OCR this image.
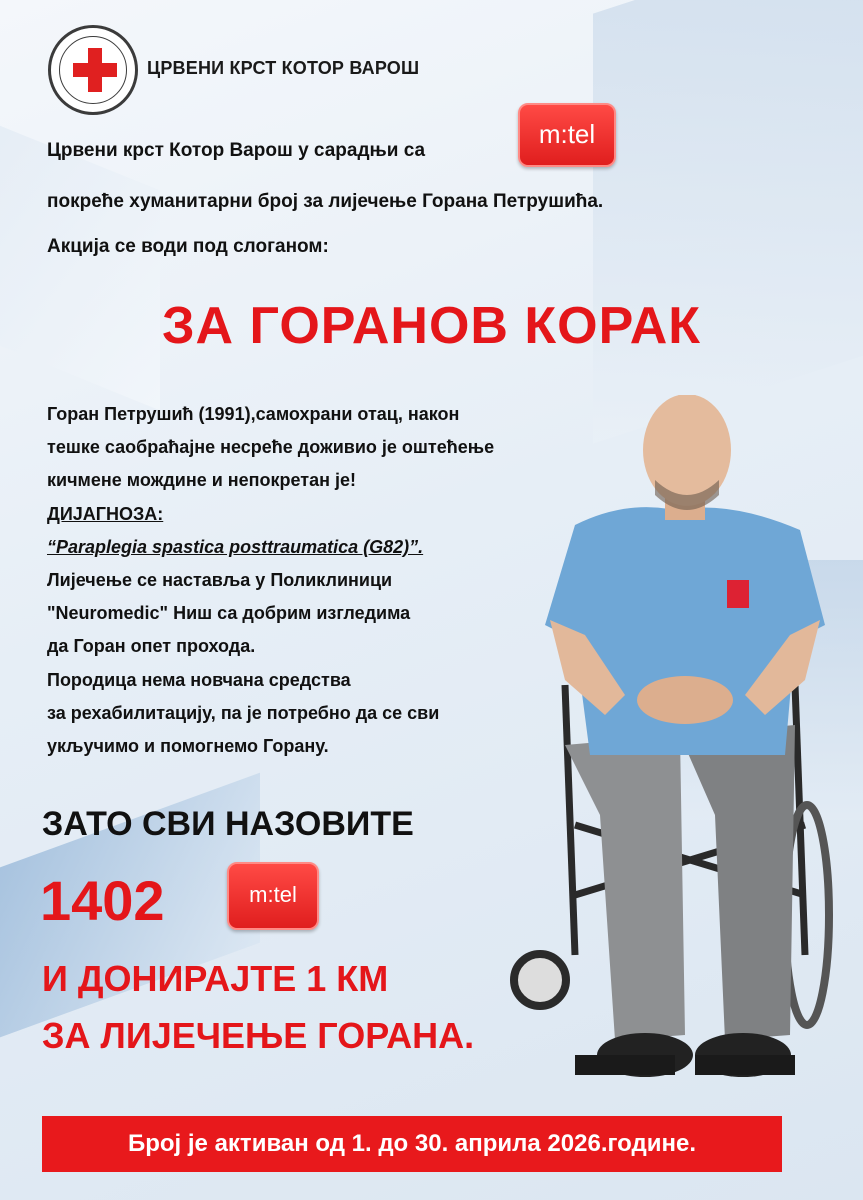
ЦРВЕНИ КРСТ КОТОР ВАРОШ
Црвени крст Котор Варош у сарадњи са
m:tel
покреће хуманитарни број за лијечење Горана Петрушића.
Акција се води под слоганом:
ЗА ГОРАНОВ КОРАК
Горан Петрушић (1991),самохрани отац, након
тешке саобраћајне несреће доживио је оштећење
кичмене мождине и непокретан је!
ДИЈАГНОЗА:
“Paraplegia spastica posttraumatica (G82)”.
Лијечење се наставља у Поликлиници
"Neuromedic" Ниш са добрим изгледима
да Горан опет прохода.
Породица нема новчана средства
за рехабилитацију, па је потребно да се сви
укључимо и помогнемо Горану.
ЗАТО СВИ НАЗОВИТЕ
1402	m:tel
И ДОНИРАЈТЕ 1 КМ
ЗА ЛИЈЕЧЕЊЕ ГОРАНА.
Број је активан од 1. до 30. априла 2026.године.
